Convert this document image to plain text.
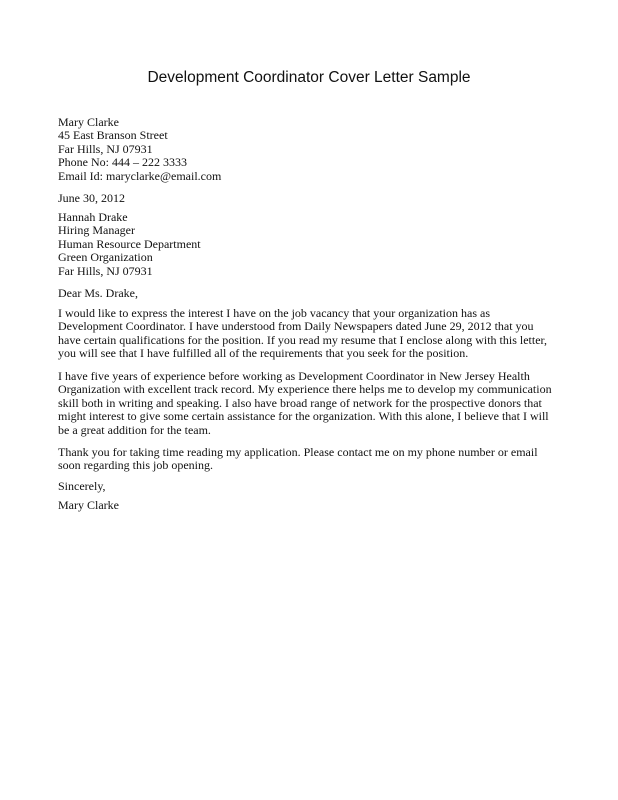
Development Coordinator Cover Letter Sample
Mary Clarke
45 East Branson Street
Far Hills, NJ 07931
Phone No: 444 – 222 3333
Email Id: maryclarke@email.com
June 30, 2012
Hannah Drake
Hiring Manager
Human Resource Department
Green Organization
Far Hills, NJ 07931
Dear Ms. Drake,
I would like to express the interest I have on the job vacancy that your organization has as
Development Coordinator. I have understood from Daily Newspapers dated June 29, 2012 that you
have certain qualifications for the position. If you read my resume that I enclose along with this letter,
you will see that I have fulfilled all of the requirements that you seek for the position.
I have five years of experience before working as Development Coordinator in New Jersey Health
Organization with excellent track record. My experience there helps me to develop my communication
skill both in writing and speaking. I also have broad range of network for the prospective donors that
might interest to give some certain assistance for the organization. With this alone, I believe that I will
be a great addition for the team.
Thank you for taking time reading my application. Please contact me on my phone number or email
soon regarding this job opening.
Sincerely,
Mary Clarke
